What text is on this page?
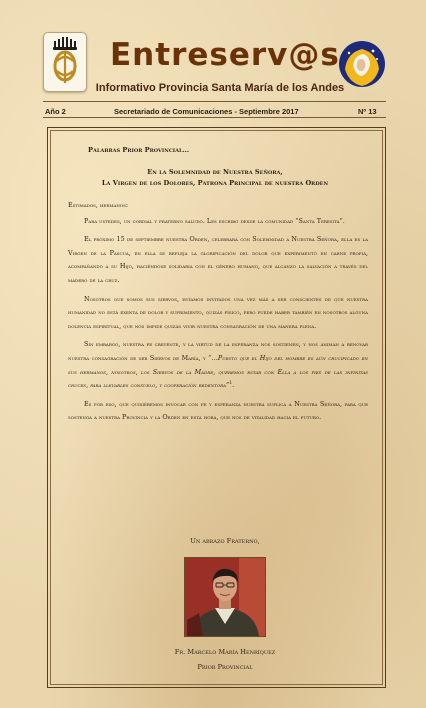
Entreserv@s
Informativo Provincia Santa María de los Andes
Año 2	Secretariado de Comunicaciones - Septiembre 2017	Nº 13
Palabras Prior Provincial…
En la Solemnidad de Nuestra Señora,
La Virgen de los Dolores, Patrona Principal de nuestra Orden

Estimados, hermanos:

Para ustedes, un cordial y fraterno saludo. Les escribo desde la comunidad “Santa Teresita”.

El próximo 15 de septiembre nuestra Orden, celebrará con Solemnidad a Nuestra Señora, ella es la Virgen de la Pascua, en ella se refleja la glorificación del dolor que experimentó en carne propia, acompañando a su Hijo, haciéndose solidaria con el género humano, que alcanzo la salvación a través del madero de la cruz.

Nosotros que somos sus siervos, estamos invitados una vez más a ser conscientes de que nuestra humanidad no está exenta de dolor y sufrimiento, quizás físico, pero puede haber también en nosotros alguna dolencia espiritual, que nos impide quizás vivir nuestra consagración de una manera plena.

Sin embargo, nuestra fe creyente, y la virtud de la esperanza nos sostienen, y nos animan a renovar nuestra consagración de ser Siervos de María, y “…Puesto que el Hijo del hombre es aún crucificado en sus hermanos, nosotros, los Siervos de la Madre, queremos estar con Ella a los pies de las infinitas cruces, para llevarles consuelo, y cooperación redentora”$^1$.

Es por eso, que quisiéremos invocar con fe y esperanza nuestra suplica a Nuestra Señora, para que sostenga a nuestra Provincia y la Orden en esta hora, que nos de vitalidad hacia el futuro.

Un abrazo Fraterno,
Fr. Marcelo María Henríquez
Prior Provincial
